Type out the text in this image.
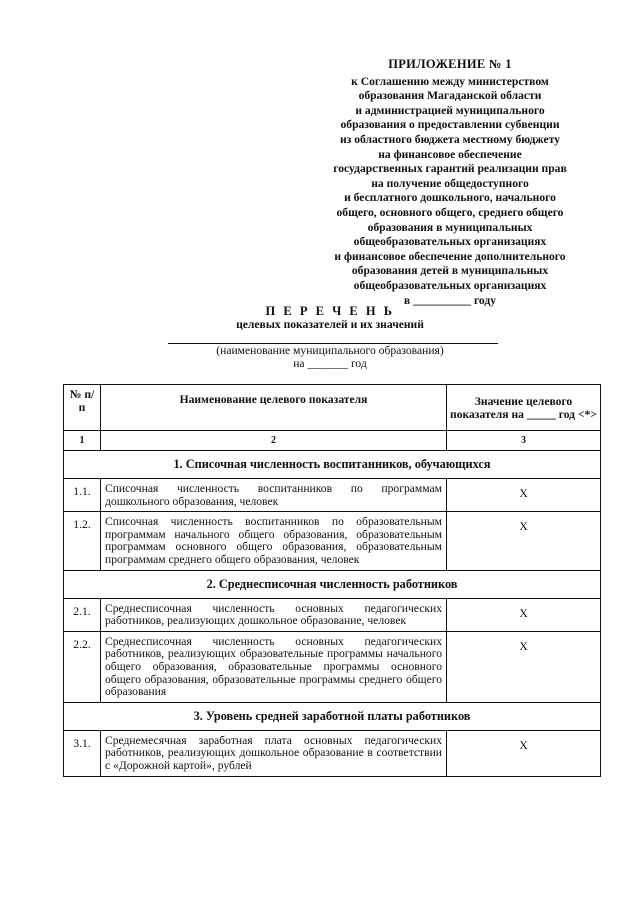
ПРИЛОЖЕНИЕ № 1
к Соглашению между министерством
образования Магаданской области
и администрацией муниципального
образования о предоставлении субвенции
из областного бюджета местному бюджету
на финансовое обеспечение
государственных гарантий реализации прав
на получение общедоступного
и бесплатного дошкольного, начального
общего, основного общего, среднего общего
образования в муниципальных
общеобразовательных организациях
и финансовое обеспечение дополнительного
образования детей в муниципальных
общеобразовательных организациях
в __________ году
П Е Р Е Ч Е Н Ь
целевых показателей и их значений
(наименование муниципального образования)
на _______ год
№ п/п	Наименование целевого показателя	Значение целевого показателя на _____ год <*>
1	2	3
1. Списочная численность воспитанников, обучающихся		
1.1.	Списочная численность воспитанников по программам дошкольного образования, человек	Х
1.2.	Списочная численность воспитанников по образовательным программам начального общего образования, образовательным программам основного общего образования, образовательным программам среднего общего образования, человек	Х
2. Среднесписочная численность работников		
2.1.	Среднесписочная численность основных педагогических работников, реализующих дошкольное образование, человек	Х
2.2.	Среднесписочная численность основных педагогических работников, реализующих образовательные программы начального общего образования, образовательные программы основного общего образования, образовательные программы среднего общего образования	Х
3. Уровень средней заработной платы работников		
3.1.	Среднемесячная заработная плата основных педагогических работников, реализующих дошкольное образование в соответствии с «Дорожной картой», рублей	Х
